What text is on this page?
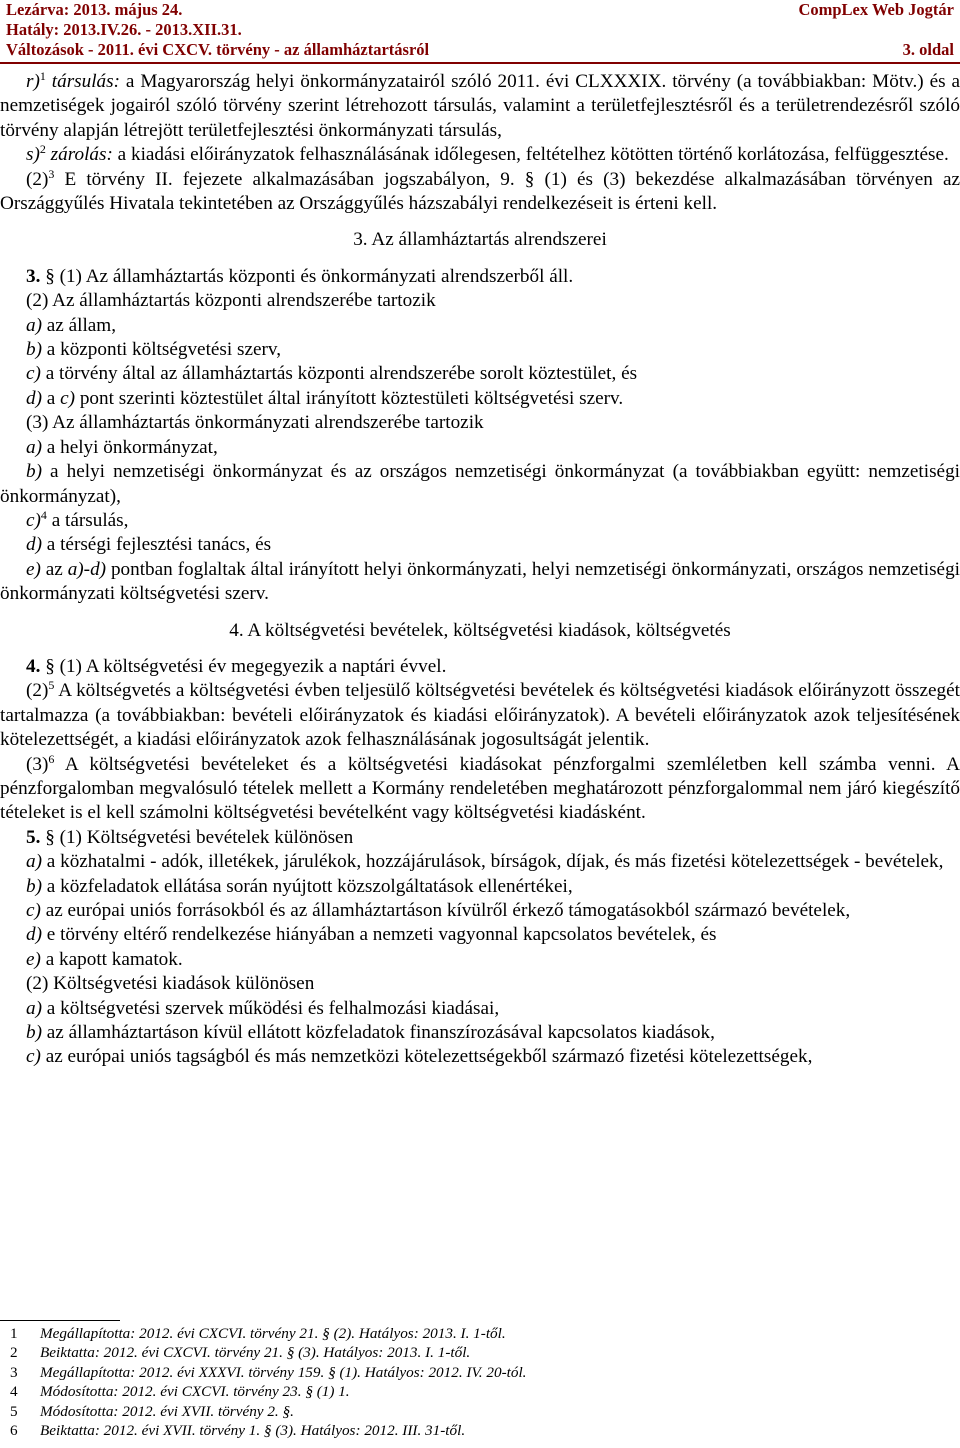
Lezárva: 2013. május 24.
Hatály: 2013.IV.26. - 2013.XII.31.
Változások - 2011. évi CXCV. törvény - az államháztartásról
CompLex Web Jogtár
3. oldal

r)$^1$ társulás: a Magyarország helyi önkormányzatairól szóló 2011. évi CLXXXIX. törvény (a továbbiakban: Mötv.) és a nemzetiségek jogairól szóló törvény szerint létrehozott társulás, valamint a területfejlesztésről és a területrendezésről szóló törvény alapján létrejött területfejlesztési önkormányzati társulás,

s)$^2$ zárolás: a kiadási előirányzatok felhasználásának időlegesen, feltételhez kötötten történő korlátozása, felfüggesztése.

$(2)^3$ E törvény II. fejezete alkalmazásában jogszabályon, 9. § (1) és (3) bekezdése alkalmazásában törvényen az Országgyűlés Hivatala tekintetében az Országgyűlés házszabályi rendelkezéseit is érteni kell.

3. Az államháztartás alrendszerei

3. § (1) Az államháztartás központi és önkormányzati alrendszerből áll.

(2) Az államháztartás központi alrendszerébe tartozik

a) az állam,

b) a központi költségvetési szerv,

c) a törvény által az államháztartás központi alrendszerébe sorolt köztestület, és

d) a c) pont szerinti köztestület által irányított köztestületi költségvetési szerv.

(3) Az államháztartás önkormányzati alrendszerébe tartozik

a) a helyi önkormányzat,

b) a helyi nemzetiségi önkormányzat és az országos nemzetiségi önkormányzat (a továbbiakban együtt: nemzetiségi önkormányzat),

c)$^4$ a társulás,

d) a térségi fejlesztési tanács, és

e) az a)-d) pontban foglaltak által irányított helyi önkormányzati, helyi nemzetiségi önkormányzati, országos nemzetiségi önkormányzati költségvetési szerv.

4. A költségvetési bevételek, költségvetési kiadások, költségvetés

4. § (1) A költségvetési év megegyezik a naptári évvel.

$(2)^5$ A költségvetés a költségvetési évben teljesülő költségvetési bevételek és költségvetési kiadások előirányzott összegét tartalmazza (a továbbiakban: bevételi előirányzatok és kiadási előirányzatok). A bevételi előirányzatok azok teljesítésének kötelezettségét, a kiadási előirányzatok azok felhasználásának jogosultságát jelentik.

$(3)^6$ A költségvetési bevételeket és a költségvetési kiadásokat pénzforgalmi szemléletben kell számba venni. A pénzforgalomban megvalósuló tételek mellett a Kormány rendeletében meghatározott pénzforgalommal nem járó kiegészítő tételeket is el kell számolni költségvetési bevételként vagy költségvetési kiadásként.

5. § (1) Költségvetési bevételek különösen

a) a közhatalmi - adók, illetékek, járulékok, hozzájárulások, bírságok, díjak, és más fizetési kötelezettségek - bevételek,

b) a közfeladatok ellátása során nyújtott közszolgáltatások ellenértékei,

c) az európai uniós forrásokból és az államháztartáson kívülről érkező támogatásokból származó bevételek,

d) e törvény eltérő rendelkezése hiányában a nemzeti vagyonnal kapcsolatos bevételek, és

e) a kapott kamatok.

(2) Költségvetési kiadások különösen

a) a költségvetési szervek működési és felhalmozási kiadásai,

b) az államháztartáson kívül ellátott közfeladatok finanszírozásával kapcsolatos kiadások,

c) az európai uniós tagságból és más nemzetközi kötelezettségekből származó fizetési kötelezettségek,

1 Megállapította: 2012. évi CXCVI. törvény 21. § (2). Hatályos: 2013. I. 1-től.
2 Beiktatta: 2012. évi CXCVI. törvény 21. § (3). Hatályos: 2013. I. 1-től.
3 Megállapította: 2012. évi XXXVI. törvény 159. § (1). Hatályos: 2012. IV. 20-tól.
4 Módosította: 2012. évi CXCVI. törvény 23. § (1) 1.
5 Módosította: 2012. évi XVII. törvény 2. §.
6 Beiktatta: 2012. évi XVII. törvény 1. § (3). Hatályos: 2012. III. 31-től.
